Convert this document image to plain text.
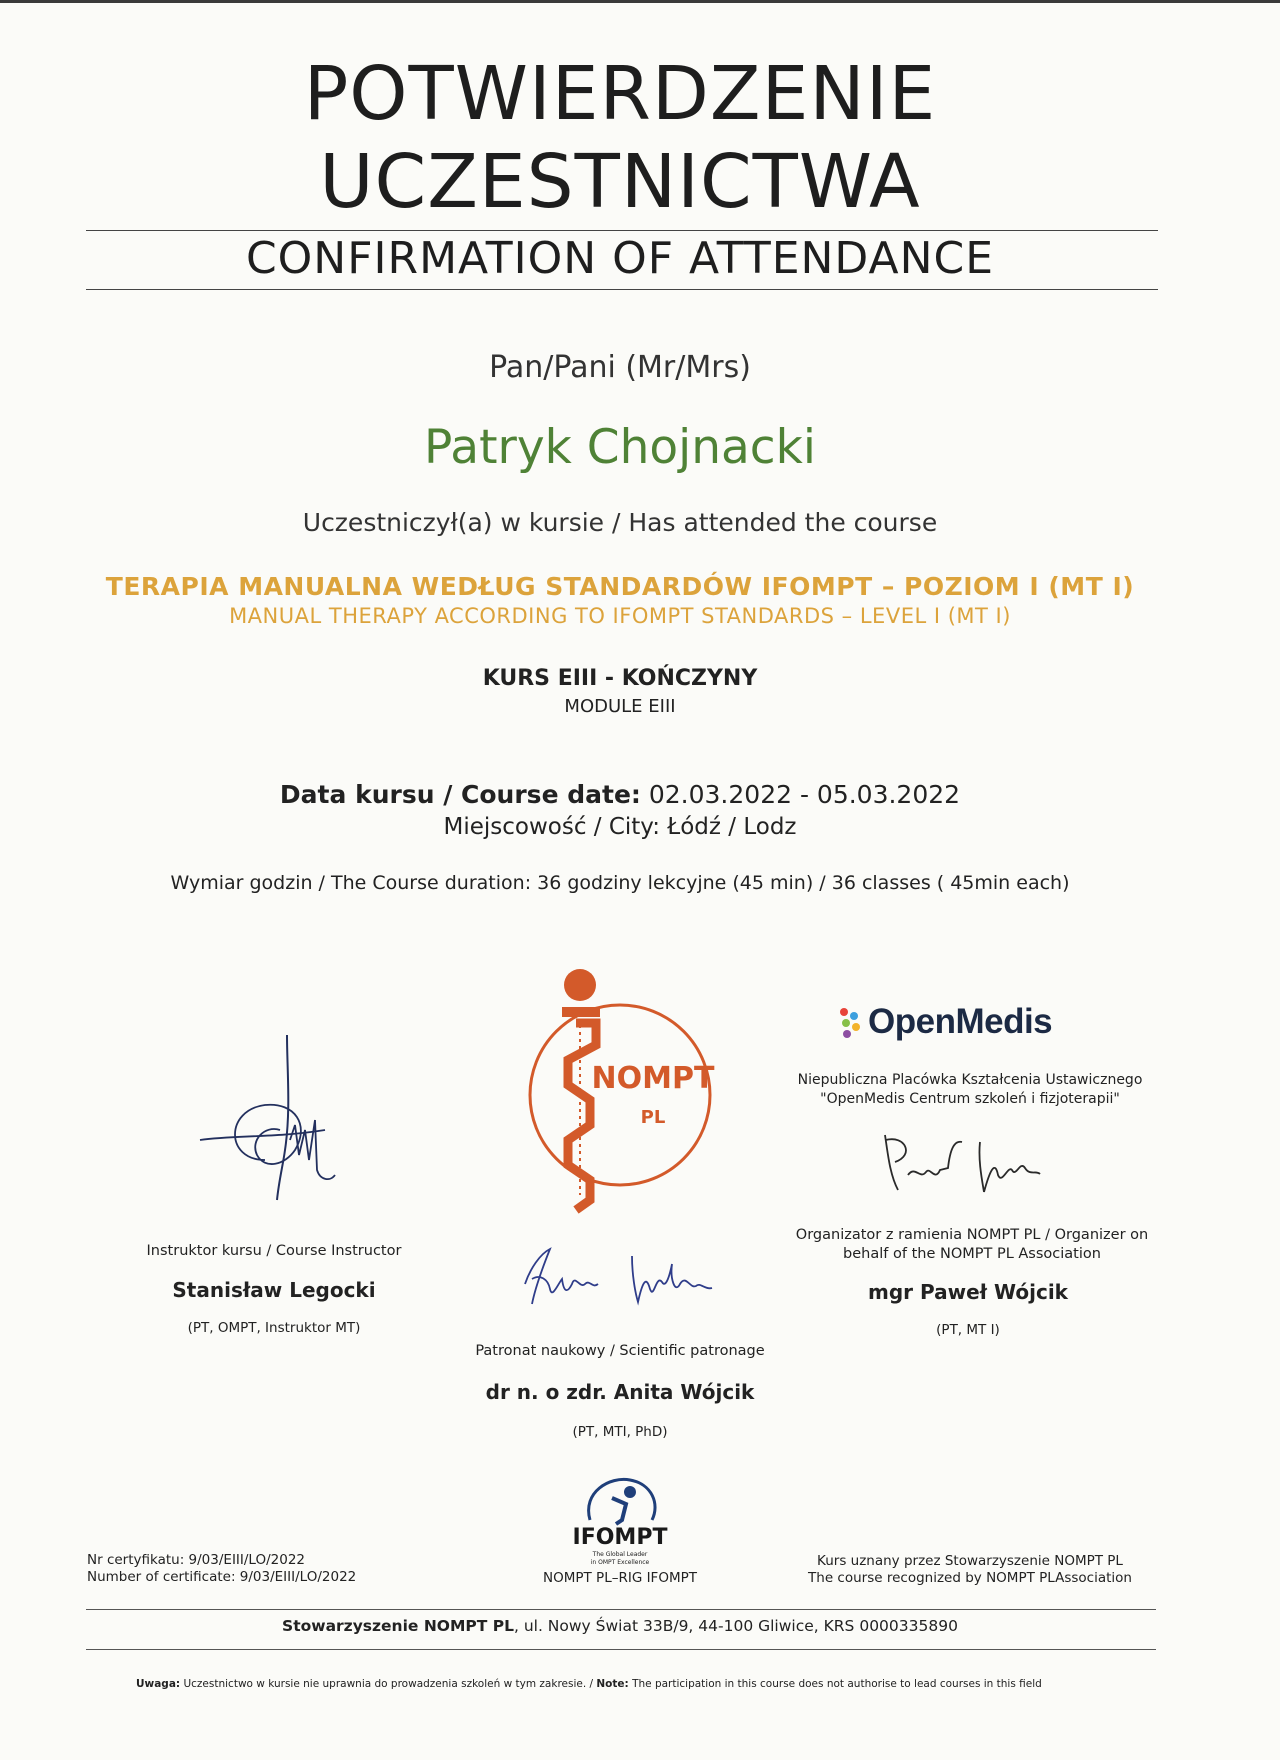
POTWIERDZENIE
UCZESTNICTWA
CONFIRMATION OF ATTENDANCE
Pan/Pani (Mr/Mrs)
Patryk Chojnacki
Uczestniczył(a) w kursie / Has attended the course
TERAPIA MANUALNA WEDŁUG STANDARDÓW IFOMPT – POZIOM I (MT I)
MANUAL THERAPY ACCORDING TO IFOMPT STANDARDS – LEVEL I (MT I)
KURS EIII - KOŃCZYNY
MODULE EIII
Data kursu / Course date: 02.03.2022 - 05.03.2022
Miejscowość / City: Łódź / Lodz
Wymiar godzin / The Course duration: 36 godziny lekcyjne (45 min) / 36 classes ( 45min each)
Instruktor kursu / Course Instructor
Stanisław Legocki
(PT, OMPT, Instruktor MT)
NOMPT
PL
OpenMedis
Niepubliczna Placówka Kształcenia Ustawicznego
"OpenMedis Centrum szkoleń i fizjoterapii"
Organizator z ramienia NOMPT PL / Organizer on
behalf of the NOMPT PL Association
mgr Paweł Wójcik
(PT, MT I)
Patronat naukowy / Scientific patronage
dr n. o zdr. Anita Wójcik
(PT, MTI, PhD)
Nr certyfikatu: 9/03/EIII/LO/2022
Number of certificate: 9/03/EIII/LO/2022
IFOMPT
The Global Leader
in OMPT Excellence
NOMPT PL–RIG IFOMPT
Kurs uznany przez Stowarzyszenie NOMPT PL
The course recognized by NOMPT PLAssociation
Stowarzyszenie NOMPT PL, ul. Nowy Świat 33B/9, 44-100 Gliwice, KRS 0000335890
Uwaga: Uczestnictwo w kursie nie uprawnia do prowadzenia szkoleń w tym zakresie. / Note: The participation in this course does not authorise to lead courses in this field
